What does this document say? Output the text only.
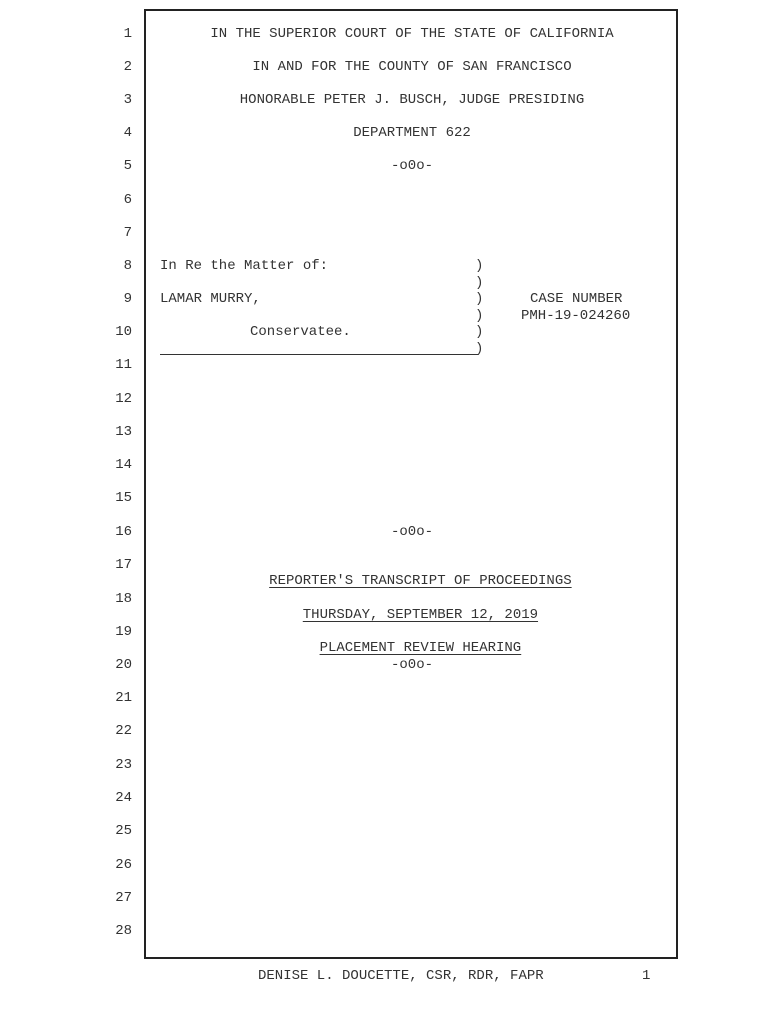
1
2
3
4
5
6
7
8
9
10
11
12
13
14
15
16
17
18
19
20
21
22
23
24
25
26
27
28
IN THE SUPERIOR COURT OF THE STATE OF CALIFORNIA
IN AND FOR THE COUNTY OF SAN FRANCISCO
HONORABLE PETER J. BUSCH, JUDGE PRESIDING
DEPARTMENT 622
-o0o-
In Re the Matter of:
LAMAR MURRY,
Conservatee.
)
)
)
)
)
)
CASE NUMBER
PMH-19-024260
-o0o-

REPORTER'S TRANSCRIPT OF PROCEEDINGS

THURSDAY, SEPTEMBER 12, 2019

PLACEMENT REVIEW HEARING

-o0o-
DENISE L. DOUCETTE, CSR, RDR, FAPR	1
